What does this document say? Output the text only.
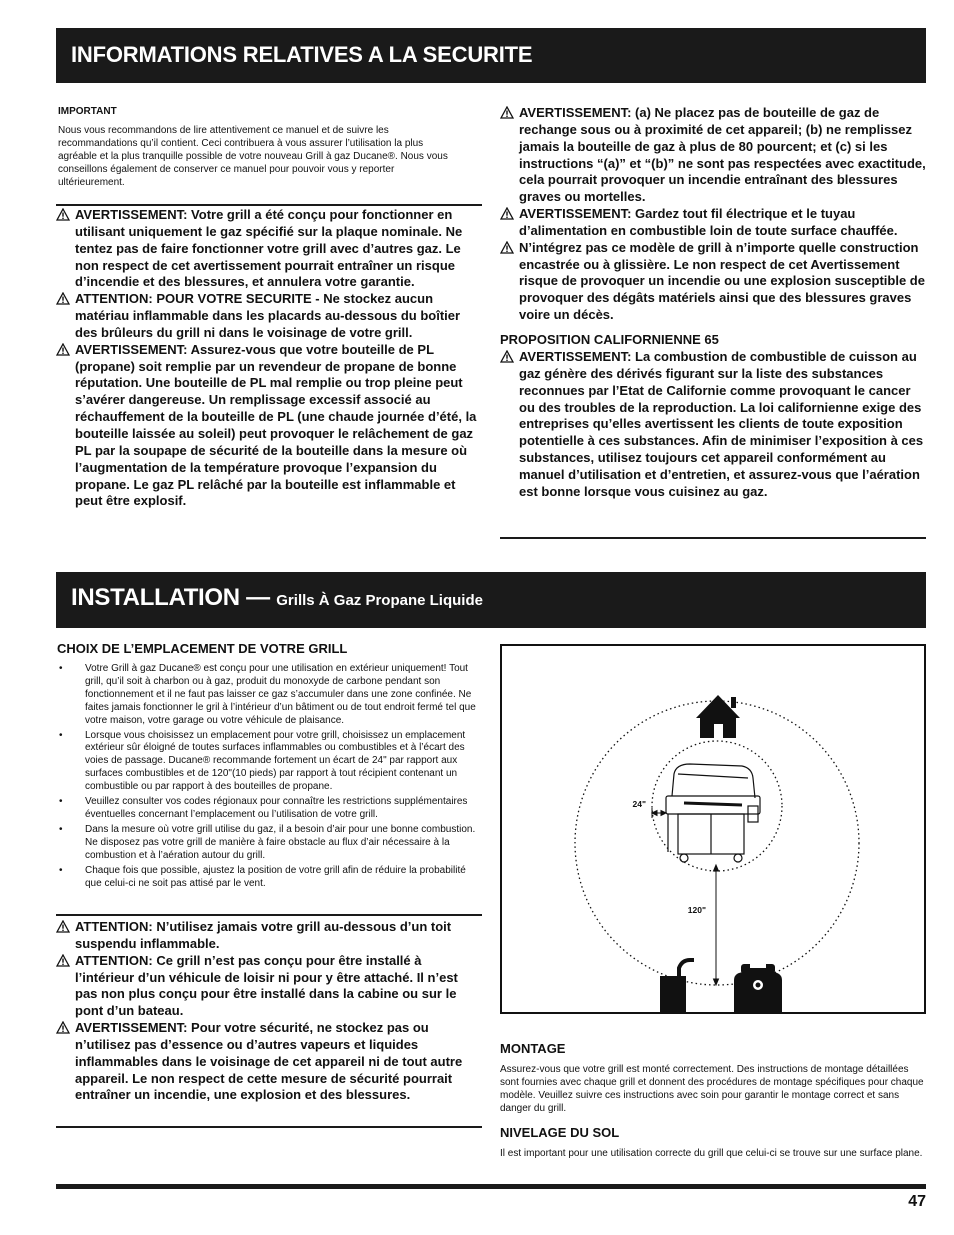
INFORMATIONS RELATIVES A LA SECURITE
IMPORTANT

Nous vous recommandons de lire attentivement ce manuel et de suivre les recommandations qu’il contient. Ceci contribuera à vous assurer l’utilisation la plus agréable et la plus tranquille possible de votre nouveau Grill à gaz Ducane®. Nous vous conseillons également de conserver ce manuel pour pouvoir vous y reporter ultérieurement.

AVERTISSEMENT: Votre grill a été conçu pour fonctionner en utilisant uniquement le gaz spécifié sur la plaque nominale. Ne tentez pas de faire fonctionner votre grill avec d’autres gaz. Le non respect de cet avertissement pourrait entraîner un risque d’incendie et des blessures, et annulera votre garantie.
ATTENTION: POUR VOTRE SECURITE - Ne stockez aucun matériau inflammable dans les placards au-dessous du boîtier des brûleurs du grill ni dans le voisinage de votre grill.
AVERTISSEMENT: Assurez-vous que votre bouteille de PL (propane) soit remplie par un revendeur de propane de bonne réputation. Une bouteille de PL mal remplie ou trop pleine peut s’avérer dangereuse. Un remplissage excessif associé au réchauffement de la bouteille de PL (une chaude journée d’été, la bouteille laissée au soleil) peut provoquer le relâchement de gaz PL par la soupape de sécurité de la bouteille dans la mesure où l’augmentation de la température provoque l’expansion du propane. Le gaz PL relâché par la bouteille est inflammable et peut être explosif.
AVERTISSEMENT: (a) Ne placez pas de bouteille de gaz de rechange sous ou à proximité de cet appareil; (b) ne remplissez jamais la bouteille de gaz à plus de 80 pourcent; et (c) si les instructions “(a)” et “(b)” ne sont pas respectées avec exactitude, cela pourrait provoquer un incendie entraînant des blessures graves ou mortelles.
AVERTISSEMENT: Gardez tout fil électrique et le tuyau d’alimentation en combustible loin de toute surface chauffée.
N’intégrez pas ce modèle de grill à n’importe quelle construction encastrée ou à glissière. Le non respect de cet Avertissement risque de provoquer un incendie ou une explosion susceptible de provoquer des dégâts matériels ainsi que des blessures graves voire un décès.
PROPOSITION CALIFORNIENNE 65
AVERTISSEMENT: La combustion de combustible de cuisson au gaz génère des dérivés figurant sur la liste des substances reconnues par l’Etat de Californie comme provoquant le cancer ou des troubles de la reproduction. La loi californienne exige des entreprises qu’elles avertissent les clients de toute exposition potentielle à ces substances. Afin de minimiser l’exposition à ces substances, utilisez toujours cet appareil conformément au manuel d’utilisation et d’entretien, et assurez-vous que l’aération est bonne lorsque vous cuisinez au gaz.
INSTALLATION — Grills À Gaz Propane Liquide
CHOIX DE L’EMPLACEMENT DE VOTRE GRILL
• Votre Grill à gaz Ducane® est conçu pour une utilisation en extérieur uniquement! Tout grill, qu’il soit à charbon ou à gaz, produit du monoxyde de carbone pendant son fonctionnement et il ne faut pas laisser ce gaz s’accumuler dans une zone confinée. Ne faites jamais fonctionner le gril à l’intérieur d’un bâtiment ou de tout endroit fermé tel que votre maison, votre garage ou votre véhicule de plaisance.
• Lorsque vous choisissez un emplacement pour votre grill, choisissez un emplacement extérieur sûr éloigné de toutes surfaces inflammables ou combustibles et à l’écart des voies de passage. Ducane® recommande fortement un écart de 24" par rapport aux surfaces combustibles et de 120"(10 pieds) par rapport à tout récipient contenant un combustible ou par rapport à des bouteilles de propane.
• Veuillez consulter vos codes régionaux pour connaître les restrictions supplémentaires éventuelles concernant l’emplacement ou l’utilisation de votre grill.
• Dans la mesure où votre grill utilise du gaz, il a besoin d’air pour une bonne combustion. Ne disposez pas votre grill de manière à faire obstacle au flux d’air nécessaire à la combustion et à l’aération autour du grill.
• Chaque fois que possible, ajustez la position de votre grill afin de réduire la probabilité que celui-ci ne soit pas attisé par le vent.
ATTENTION: N’utilisez jamais votre grill au-dessous d’un toit suspendu inflammable.
ATTENTION: Ce grill n’est pas conçu pour être installé à l’intérieur d’un véhicule de loisir ni pour y être attaché. Il n’est pas non plus conçu pour être installé dans la cabine ou sur le pont d’un bateau.
AVERTISSEMENT: Pour votre sécurité, ne stockez pas ou n’utilisez pas d’essence ou d’autres vapeurs et liquides inflammables dans le voisinage de cet appareil ni de tout autre appareil. Le non respect de cette mesure de sécurité pourrait entraîner un incendie, une explosion et des blessures.
24"
120"
MONTAGE

Assurez-vous que votre grill est monté correctement. Des instructions de montage détaillées sont fournies avec chaque grill et donnent des procédures de montage spécifiques pour chaque modèle. Veuillez suivre ces instructions avec soin pour garantir le montage correct et sans danger du grill.

NIVELAGE DU SOL

Il est important pour une utilisation correcte du grill que celui-ci se trouve sur une surface plane.

47
